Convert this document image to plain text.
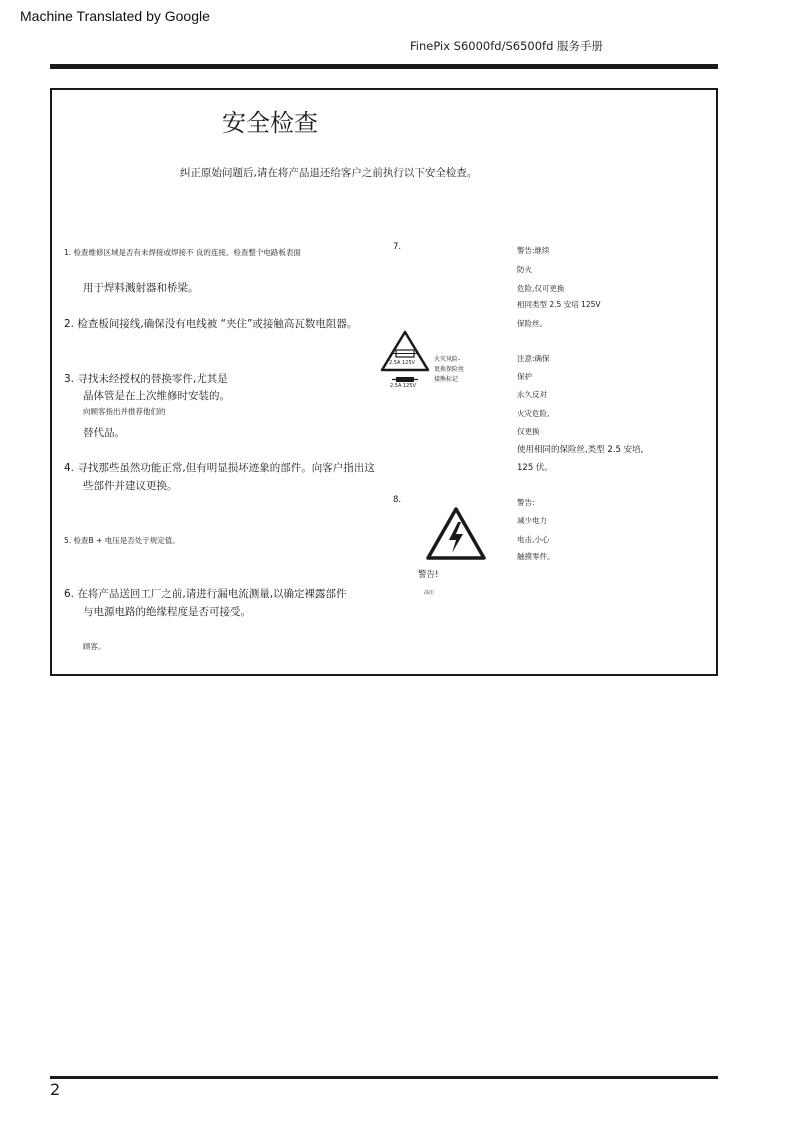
Machine Translated by Google
FinePix S6000fd/S6500fd 服务手册
安全检查
纠正原始问题后,请在将产品退还给客户之前执行以下安全检查。
1. 检查维修区域是否有未焊接或焊接不 良的连接。检查整个电路板表面
用于焊料溅射器和桥梁。
2. 检查板间接线,确保没有电线被 “夹住”或接触高瓦数电阻器。
3. 寻找未经授权的替换零件,尤其是
晶体管是在上次维修时安装的。
向顾客指出并推荐他们的
替代品。
4. 寻找那些虽然功能正常,但有明显损坏迹象的部件。向客户指出这
些部件并建议更换。
5. 检查B + 电压是否处于规定值。
6. 在将产品送回工厂之前,请进行漏电流测量,以确定裸露部件
与电源电路的绝缘程度是否可接受。
顾客。
7.
2.5A 125V
2.5A 125V
火灾风险-
更换保险丝
接熊标记
警告:继续
防火
危险,仅可更换
相同类型 2.5 安培 125V
保险丝。
注意:确保
保护
永久反对
火灾危险,
仅更换
使用相同的保险丝,类型 2.5 安培,
125 伏。
8.
警告!
高压
警告:
减少电力
电击,小心
触摸零件。
2
